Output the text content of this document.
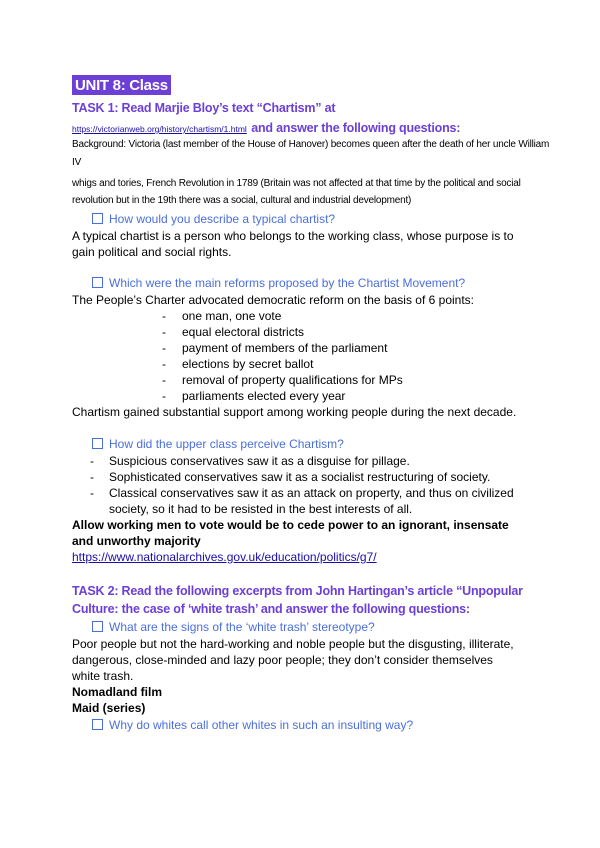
UNIT 8: Class
TASK 1: Read Marjie Bloy’s text “Chartism” at
https://victorianweb.org/history/chartism/1.html and answer the following questions:
Background: Victoria (last member of the House of Hanover) becomes queen after the death of her uncle William
IV
whigs and tories, French Revolution in 1789 (Britain was not affected at that time by the political and social
revolution but in the 19th there was a social, cultural and industrial development)
How would you describe a typical chartist?
A typical chartist is a person who belongs to the working class, whose purpose is to
gain political and social rights.
Which were the main reforms proposed by the Chartist Movement?
The People’s Charter advocated democratic reform on the basis of 6 points:
- one man, one vote
- equal electoral districts
- payment of members of the parliament
- elections by secret ballot
- removal of property qualifications for MPs
- parliaments elected every year
Chartism gained substantial support among working people during the next decade.
How did the upper class perceive Chartism?
- Suspicious conservatives saw it as a disguise for pillage.
- Sophisticated conservatives saw it as a socialist restructuring of society.
- Classical conservatives saw it as an attack on property, and thus on civilized
society, so it had to be resisted in the best interests of all.
Allow working men to vote would be to cede power to an ignorant, insensate
and unworthy majority
https://www.nationalarchives.gov.uk/education/politics/g7/
TASK 2: Read the following excerpts from John Hartingan’s article “Unpopular
Culture: the case of ‘white trash’ and answer the following questions:
What are the signs of the ‘white trash’ stereotype?
Poor people but not the hard-working and noble people but the disgusting, illiterate,
dangerous, close-minded and lazy poor people; they don’t consider themselves
white trash.
Nomadland film
Maid (series)
Why do whites call other whites in such an insulting way?
